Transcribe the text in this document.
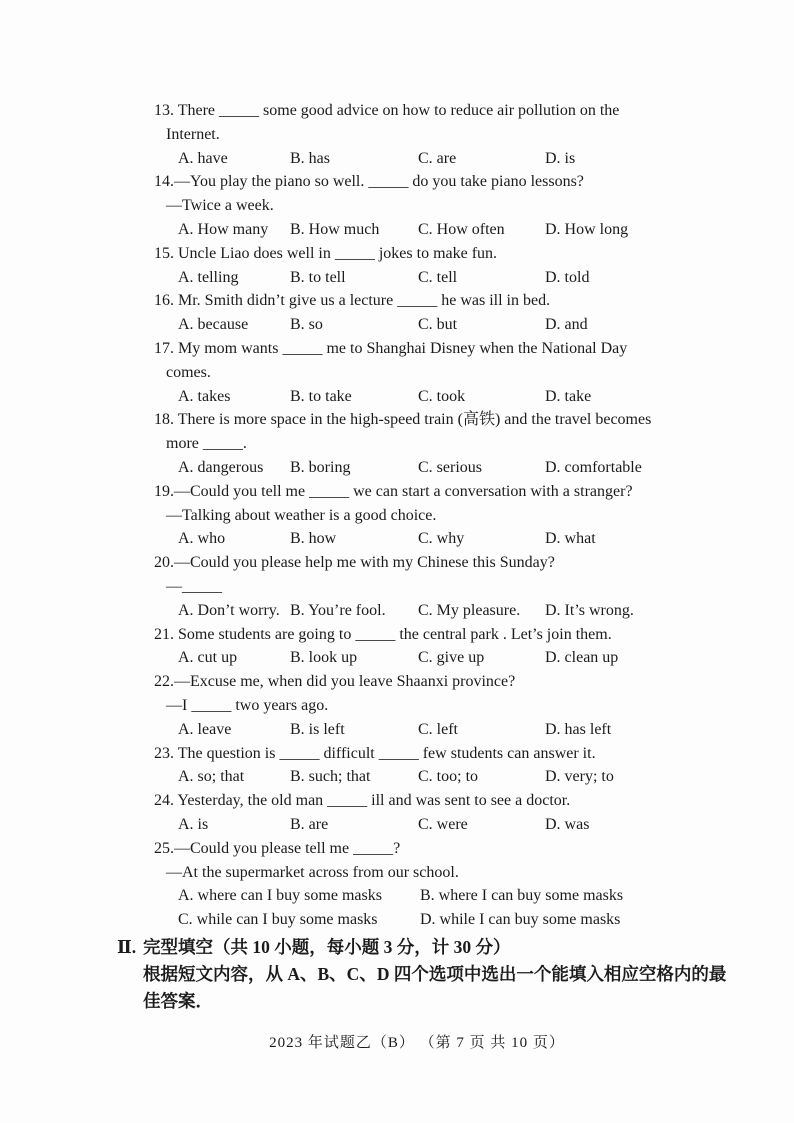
13. There _____ some good advice on how to reduce air pollution on the
Internet.
A. have	B. has	C. are	D. is
14.—You play the piano so well. _____ do you take piano lessons?
—Twice a week.
A. How many	B. How much	C. How often	D. How long
15. Uncle Liao does well in _____ jokes to make fun.
A. telling	B. to tell	C. tell	D. told
16. Mr. Smith didn’t give us a lecture _____ he was ill in bed.
A. because	B. so	C. but	D. and
17. My mom wants _____ me to Shanghai Disney when the National Day
comes.
A. takes	B. to take	C. took	D. take
18. There is more space in the high-speed train (高铁) and the travel becomes
more _____.
A. dangerous	B. boring	C. serious	D. comfortable
19.—Could you tell me _____ we can start a conversation with a stranger?
—Talking about weather is a good choice.
A. who	B. how	C. why	D. what
20.—Could you please help me with my Chinese this Sunday?
—_____
A. Don’t worry. B. You’re fool.	C. My pleasure.	D. It’s wrong.
21. Some students are going to _____ the central park . Let’s join them.
A. cut up	B. look up	C. give up	D. clean up
22.—Excuse me, when did you leave Shaanxi province?
—I _____ two years ago.
A. leave	B. is left	C. left	D. has left
23. The question is _____ difficult _____ few students can answer it.
A. so; that	B. such; that	C. too; to	D. very; to
24. Yesterday, the old man _____ ill and was sent to see a doctor.
A. is	B. are	C. were	D. was
25.—Could you please tell me _____?
—At the supermarket across from our school.
A. where can I buy some masks	B. where I can buy some masks
C. while can I buy some masks	D. while I can buy some masks
Ⅱ. 完型填空（共 10 小题，每小题 3 分，计 30 分）
根据短文内容，从 A、B、C、D 四个选项中选出一个能填入相应空格内的最
佳答案．
2023 年试题乙（B） （第 7 页 共 10 页）
